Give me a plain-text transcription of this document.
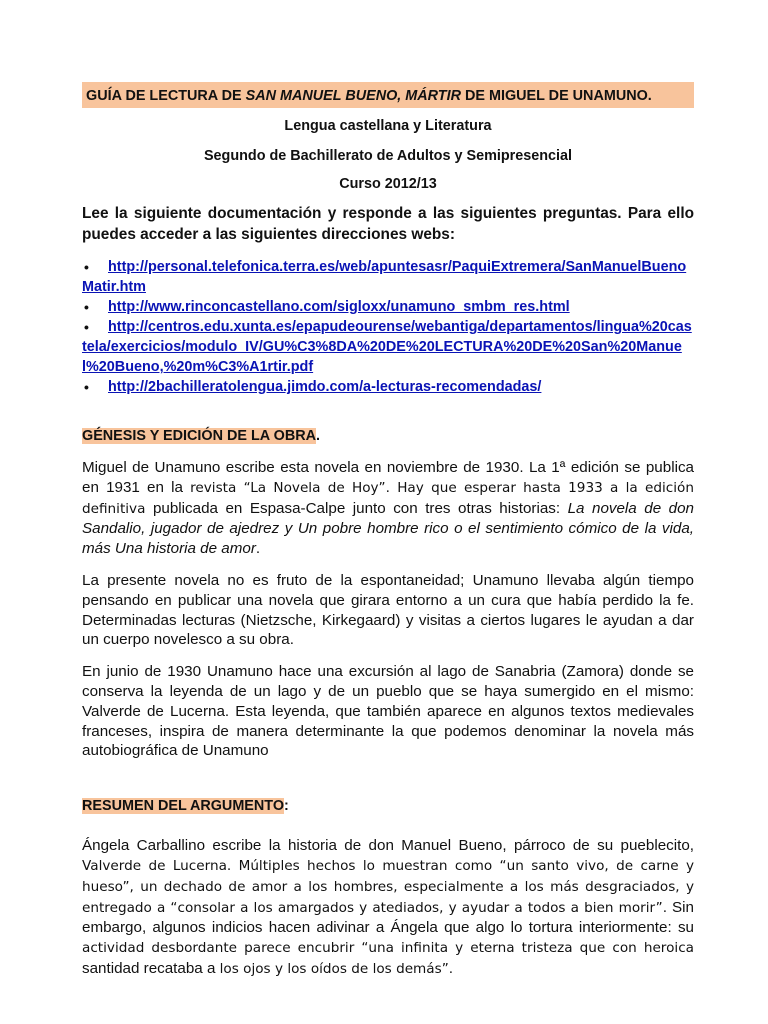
GUÍA DE LECTURA DE SAN MANUEL BUENO, MÁRTIR DE MIGUEL DE UNAMUNO.
Lengua castellana y Literatura
Segundo de Bachillerato de Adultos y Semipresencial
Curso 2012/13
Lee la siguiente documentación y responde a las siguientes preguntas. Para ello puedes acceder a las siguientes direcciones webs:
• http://personal.telefonica.terra.es/web/apuntesasr/PaquiExtremera/SanManuelBuenoMatir.htm
• http://www.rinconcastellano.com/sigloxx/unamuno_smbm_res.html
• http://centros.edu.xunta.es/epapudeourense/webantiga/departamentos/lingua%20castela/exercicios/modulo_IV/GU%C3%8DA%20DE%20LECTURA%20DE%20San%20Manuel%20Bueno,%20m%C3%A1rtir.pdf
• http://2bachilleratolengua.jimdo.com/a-lecturas-recomendadas/
GÉNESIS Y EDICIÓN DE LA OBRA.
Miguel de Unamuno escribe esta novela en noviembre de 1930. La 1ª edición se publica en 1931 en la revista “La Novela de Hoy”. Hay que esperar hasta 1933 a la edición definitiva publicada en Espasa-Calpe junto con tres otras historias: La novela de don Sandalio, jugador de ajedrez y Un pobre hombre rico o el sentimiento cómico de la vida, más Una historia de amor.
La presente novela no es fruto de la espontaneidad; Unamuno llevaba algún tiempo pensando en publicar una novela que girara entorno a un cura que había perdido la fe. Determinadas lecturas (Nietzsche, Kirkegaard) y visitas a ciertos lugares le ayudan a dar un cuerpo novelesco a su obra.
En junio de 1930 Unamuno hace una excursión al lago de Sanabria (Zamora) donde se conserva la leyenda de un lago y de un pueblo que se haya sumergido en el mismo: Valverde de Lucerna. Esta leyenda, que también aparece en algunos textos medievales franceses, inspira de manera determinante la que podemos denominar la novela más autobiográfica de Unamuno
RESUMEN DEL ARGUMENTO:
Ángela Carballino escribe la historia de don Manuel Bueno, párroco de su pueblecito, Valverde de Lucerna. Múltiples hechos lo muestran como “un santo vivo, de carne y hueso”, un dechado de amor a los hombres, especialmente a los más desgraciados, y entregado a “consolar a los amargados y atediados, y ayudar a todos a bien morir”. Sin embargo, algunos indicios hacen adivinar a Ángela que algo lo tortura interiormente: su actividad desbordante parece encubrir “una infinita y eterna tristeza que con heroica santidad recataba a los ojos y los oídos de los demás”.
